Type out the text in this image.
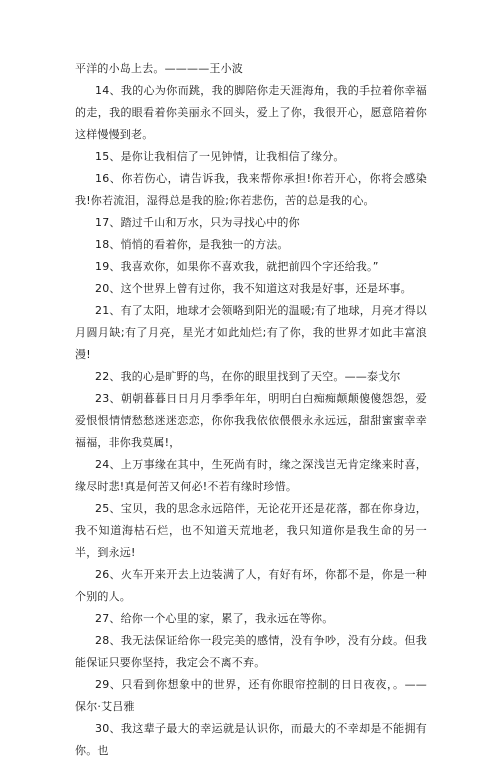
平洋的小岛上去。————王小波

14、我的心为你而跳，我的脚陪你走天涯海角，我的手拉着你幸福的走，我的眼看着你美丽永不回头，爱上了你，我很开心，愿意陪着你这样慢慢到老。

15、是你让我相信了一见钟情，让我相信了缘分。

16、你若伤心，请告诉我，我来帮你承担!你若开心，你将会感染我!你若流泪，湿得总是我的脸;你若悲伤，苦的总是我的心。

17、踏过千山和万水，只为寻找心中的你

18、悄悄的看着你，是我独一的方法。

19、我喜欢你，如果你不喜欢我，就把前四个字还给我。”

20、这个世界上曾有过你，我不知道这对我是好事，还是坏事。

21、有了太阳，地球才会领略到阳光的温暖;有了地球，月亮才得以月圆月缺;有了月亮，星光才如此灿烂;有了你，我的世界才如此丰富浪漫!

22、我的心是旷野的鸟，在你的眼里找到了天空。——泰戈尔

23、朝朝暮暮日日月月季季年年，明明白白痴痴颠颠傻傻怨怨，爱爱恨恨情情愁愁迷迷恋恋，你你我我依依偎偎永永远远，甜甜蜜蜜幸幸福福，非你我莫属!，

24、上万事缘在其中，生死尚有时，缘之深浅岂无肯定缘来时喜，缘尽时悲!真是何苦又何必!不若有缘时珍惜。

25、宝贝，我的思念永远陪伴，无论花开还是花落，都在你身边，我不知道海枯石烂，也不知道天荒地老，我只知道你是我生命的另一半，到永远!

26、火车开来开去上边装满了人，有好有坏，你都不是，你是一种个别的人。

27、给你一个心里的家，累了，我永远在等你。

28、我无法保证给你一段完美的感情，没有争吵，没有分歧。但我能保证只要你坚持，我定会不离不弃。

29、只看到你想象中的世界，还有你眼帘控制的日日夜夜，。——保尔·艾吕雅

30、我这辈子最大的幸运就是认识你，而最大的不幸却是不能拥有你。也
